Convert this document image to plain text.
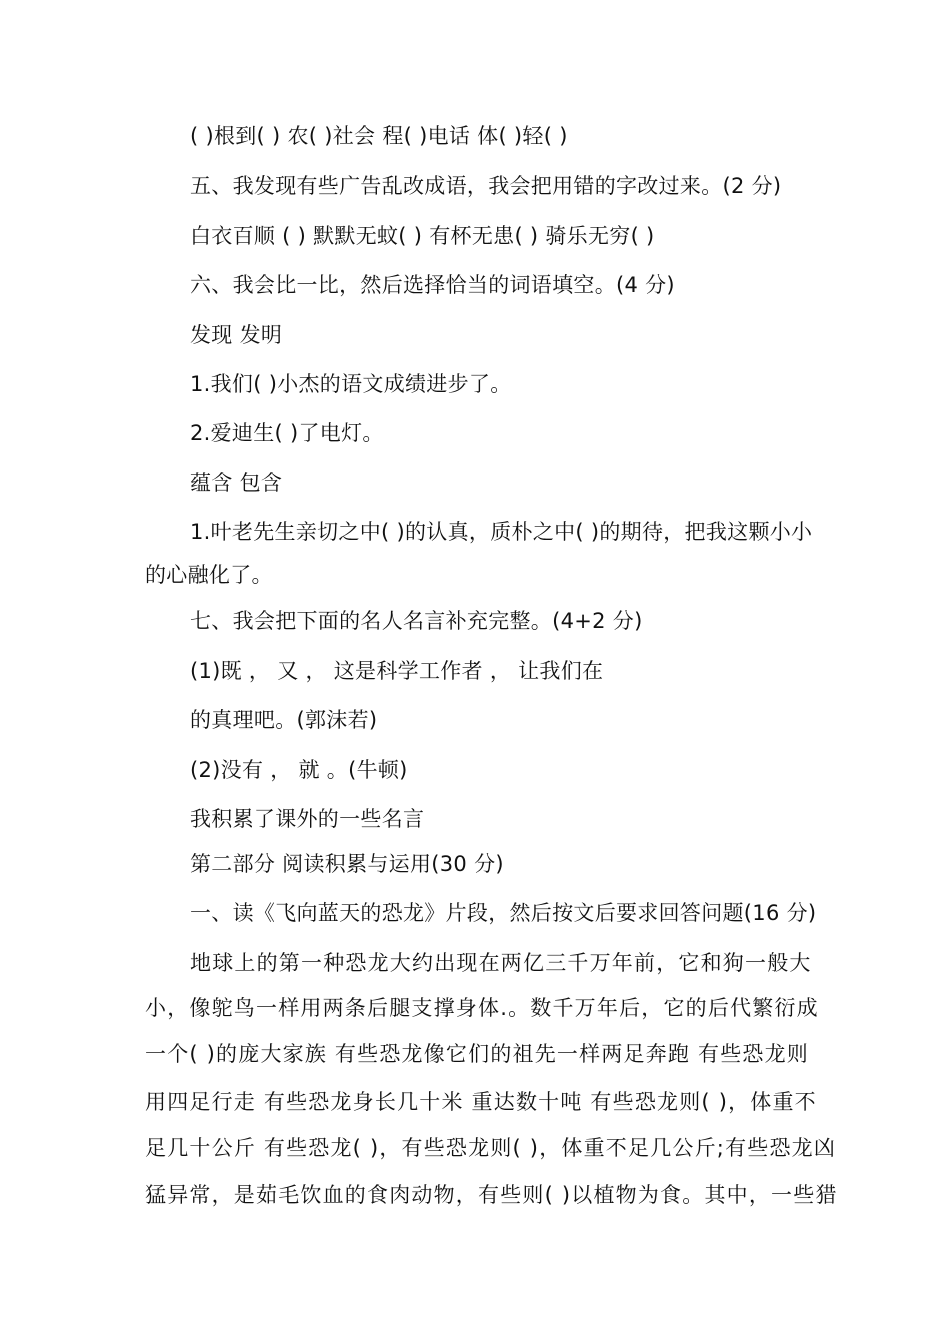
( )根到( ) 农( )社会 程( )电话 体( )轻( )
五、我发现有些广告乱改成语，我会把用错的字改过来。(2 分)
白衣百顺 ( ) 默默无蚊( ) 有杯无患( ) 骑乐无穷( )
六、我会比一比，然后选择恰当的词语填空。(4 分)
发现 发明
1.我们( )小杰的语文成绩进步了。
2.爱迪生( )了电灯。
蕴含 包含
1.叶老先生亲切之中( )的认真，质朴之中( )的期待，把我这颗小小
的心融化了。
七、我会把下面的名人名言补充完整。(4+2 分)
(1)既 ， 又 ， 这是科学工作者 ， 让我们在
的真理吧。(郭沫若)
(2)没有 ， 就 。(牛顿)
我积累了课外的一些名言
第二部分 阅读积累与运用(30 分)
一、读《飞向蓝天的恐龙》片段，然后按文后要求回答问题(16 分)
地球上的第一种恐龙大约出现在两亿三千万年前，它和狗一般大
小，像鸵鸟一样用两条后腿支撑身体.。数千万年后，它的后代繁衍成
一个( )的庞大家族 有些恐龙像它们的祖先一样两足奔跑 有些恐龙则
用四足行走 有些恐龙身长几十米 重达数十吨 有些恐龙则( )，体重不
足几十公斤 有些恐龙( )，有些恐龙则( )，体重不足几公斤;有些恐龙凶
猛异常，是茹毛饮血的食肉动物，有些则( )以植物为食。其中，一些猎
